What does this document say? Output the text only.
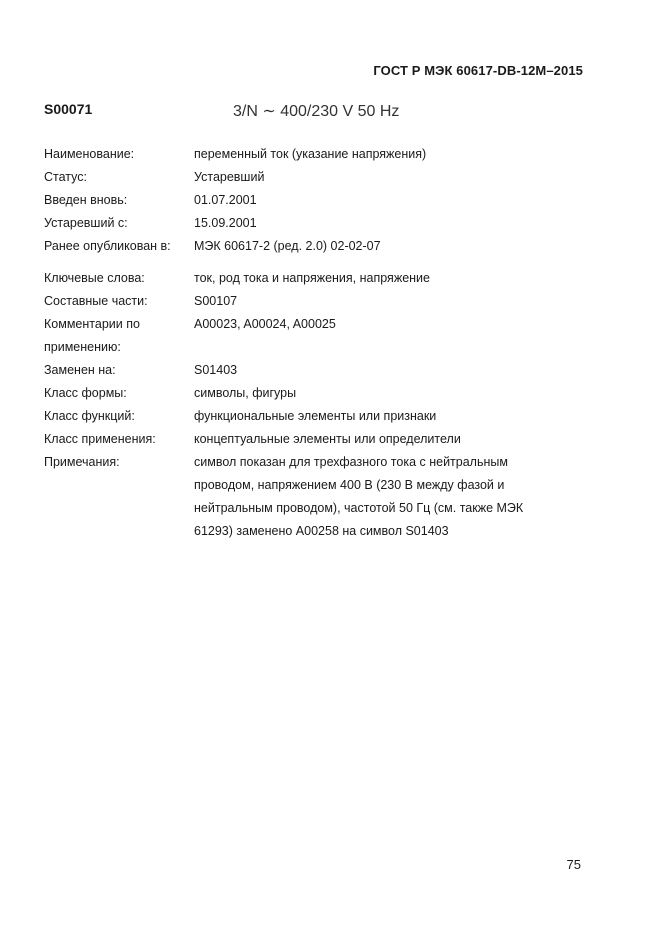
ГОСТ Р МЭК 60617-DB-12M–2015
S00071	3/N ∼ 400/230 V 50 Hz
Наименование:	переменный ток (указание напряжения)
Статус:	Устаревший
Введен вновь:	01.07.2001
Устаревший с:	15.09.2001
Ранее опубликован в:	МЭК 60617-2 (ред. 2.0) 02-02-07
Ключевые слова:	ток, род тока и напряжения, напряжение
Составные части:	S00107
Комментарии по	A00023, A00024, A00025
применению:
Заменен на:	S01403
Класс формы:	символы, фигуры
Класс функций:	функциональные элементы или признаки
Класс применения:	концептуальные элементы или определители
Примечания:	символ показан для трехфазного тока с нейтральным
проводом, напряжением 400 В (230 В между фазой и
нейтральным проводом), частотой 50 Гц (см. также МЭК
61293) заменено A00258 на символ S01403
75
